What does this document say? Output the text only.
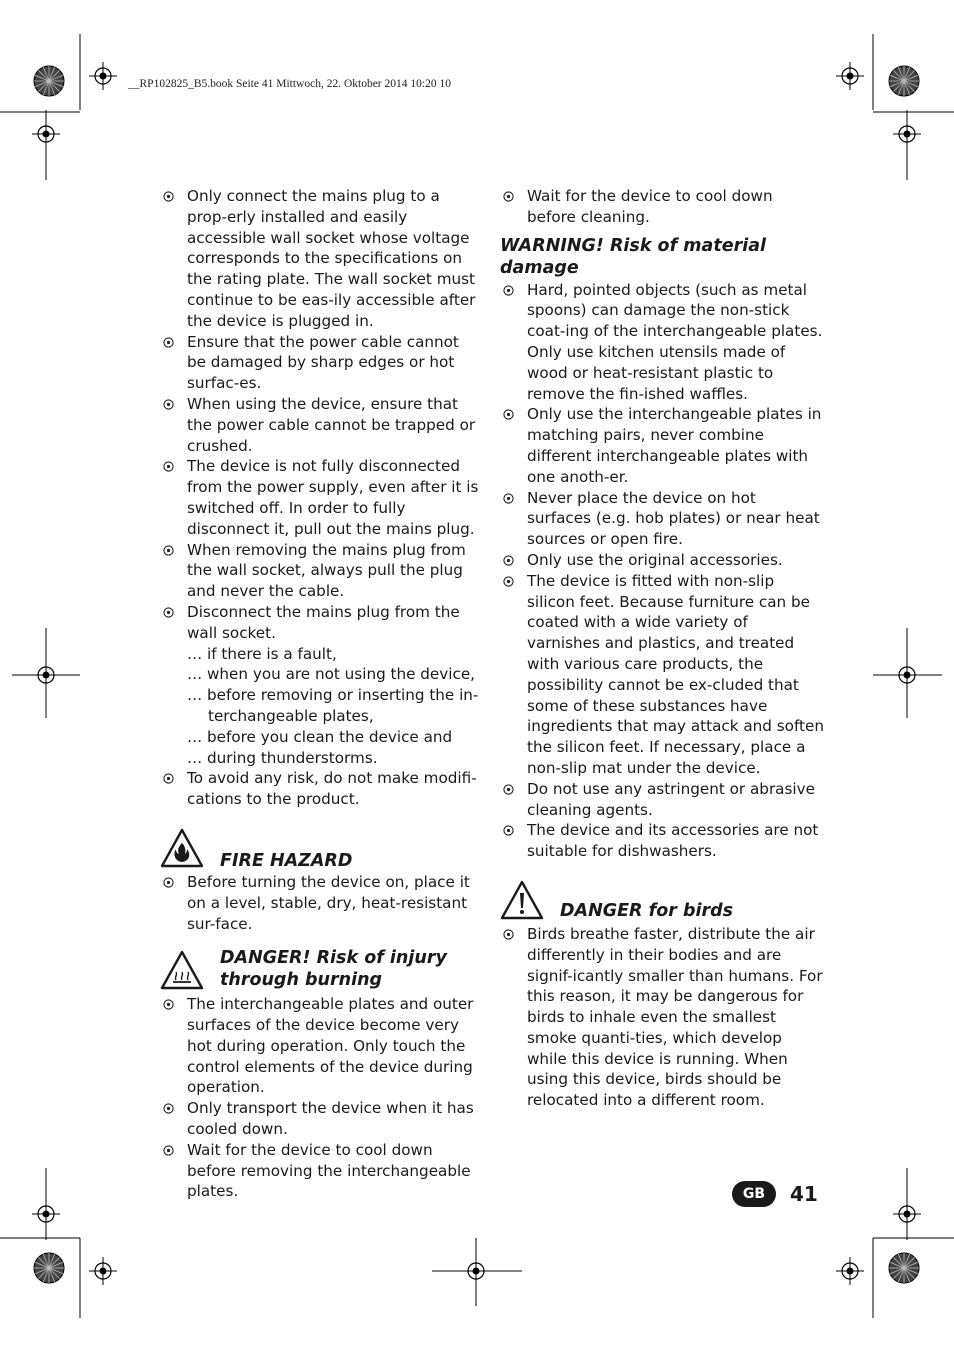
__RP102825_B5.book Seite 41 Mittwoch, 22. Oktober 2014 10:20 10
Only connect the mains plug to a prop-erly installed and easily accessible wall socket whose voltage corresponds to the specifications on the rating plate. The wall socket must continue to be eas-ily accessible after the device is plugged in.
Ensure that the power cable cannot be damaged by sharp edges or hot surfac-es.
When using the device, ensure that the power cable cannot be trapped or crushed.
The device is not fully disconnected from the power supply, even after it is switched off. In order to fully disconnect it, pull out the mains plug.
When removing the mains plug from the wall socket, always pull the plug and never the cable.
Disconnect the mains plug from the wall socket.
… if there is a fault,
… when you are not using the device,
… before removing or inserting the in-
terchangeable plates,
… before you clean the device and
… during thunderstorms.
To avoid any risk, do not make modifi-cations to the product.
FIRE HAZARD
Before turning the device on, place it on a level, stable, dry, heat-resistant sur-face.
DANGER! Risk of injury
through burning
The interchangeable plates and outer surfaces of the device become very hot during operation. Only touch the control elements of the device during operation.
Only transport the device when it has cooled down.
Wait for the device to cool down before removing the interchangeable plates.
Wait for the device to cool down before cleaning.
WARNING! Risk of material
damage
Hard, pointed objects (such as metal spoons) can damage the non-stick coat-ing of the interchangeable plates. Only use kitchen utensils made of wood or heat-resistant plastic to remove the fin-ished waffles.
Only use the interchangeable plates in matching pairs, never combine different interchangeable plates with one anoth-er.
Never place the device on hot surfaces (e.g. hob plates) or near heat sources or open fire.
Only use the original accessories.
The device is fitted with non-slip silicon feet. Because furniture can be coated with a wide variety of varnishes and plastics, and treated with various care products, the possibility cannot be ex-cluded that some of these substances have ingredients that may attack and soften the silicon feet. If necessary, place a non-slip mat under the device.
Do not use any astringent or abrasive cleaning agents.
The device and its accessories are not suitable for dishwashers.
DANGER for birds
Birds breathe faster, distribute the air differently in their bodies and are signif-icantly smaller than humans. For this reason, it may be dangerous for birds to inhale even the smallest smoke quanti-ties, which develop while this device is running. When using this device, birds should be relocated into a different room.
GB	41
